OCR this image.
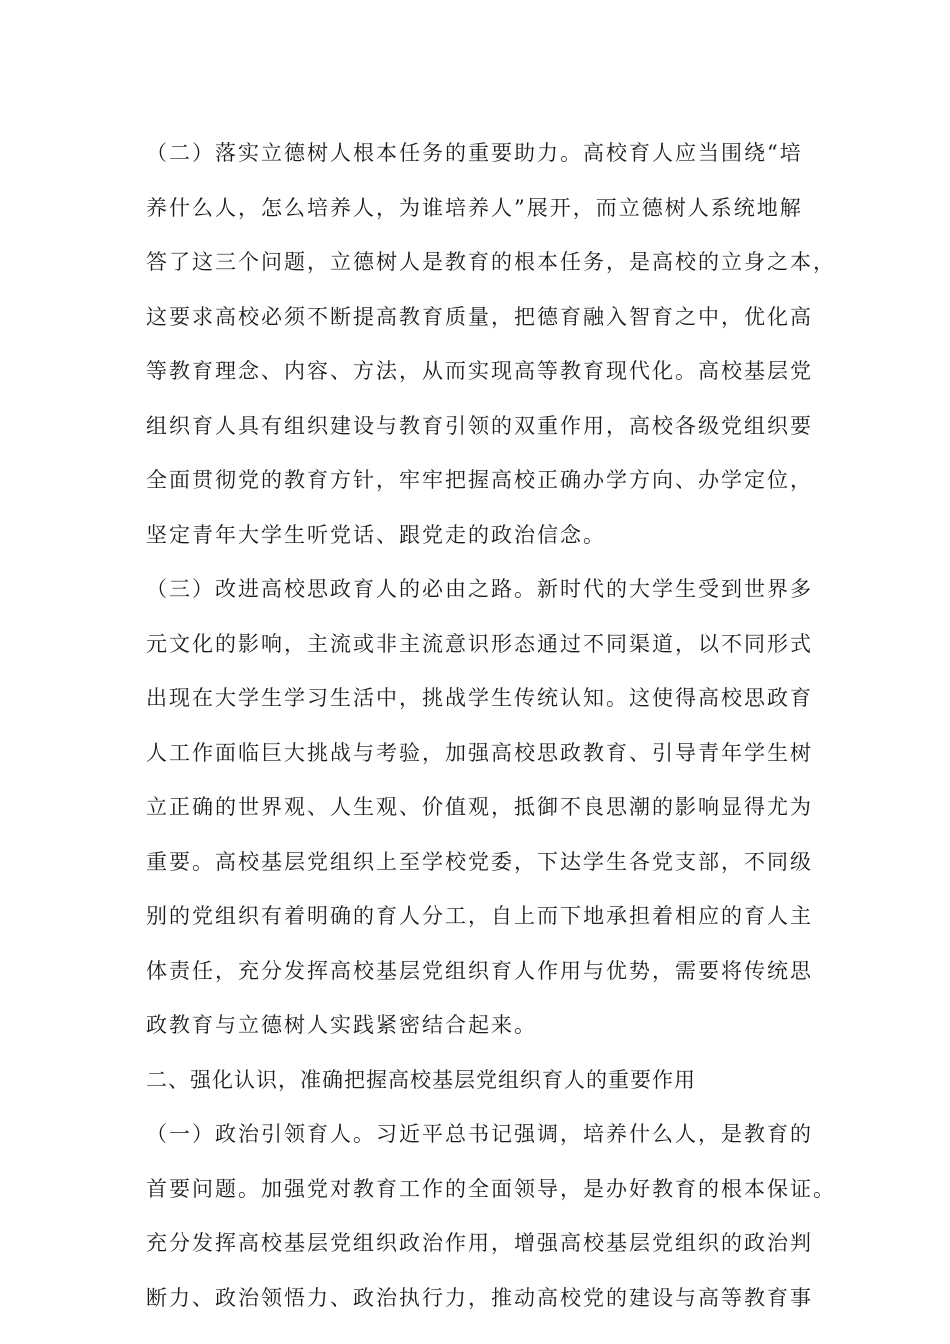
（二）落实立德树人根本任务的重要助力。高校育人应当围绕“培
养什么人，怎么培养人，为谁培养人”展开，而立德树人系统地解
答了这三个问题，立德树人是教育的根本任务，是高校的立身之本，
这要求高校必须不断提高教育质量，把德育融入智育之中，优化高
等教育理念、内容、方法，从而实现高等教育现代化。高校基层党
组织育人具有组织建设与教育引领的双重作用，高校各级党组织要
全面贯彻党的教育方针，牢牢把握高校正确办学方向、办学定位，
坚定青年大学生听党话、跟党走的政治信念。
（三）改进高校思政育人的必由之路。新时代的大学生受到世界多
元文化的影响，主流或非主流意识形态通过不同渠道，以不同形式
出现在大学生学习生活中，挑战学生传统认知。这使得高校思政育
人工作面临巨大挑战与考验，加强高校思政教育、引导青年学生树
立正确的世界观、人生观、价值观，抵御不良思潮的影响显得尤为
重要。高校基层党组织上至学校党委，下达学生各党支部，不同级
别的党组织有着明确的育人分工，自上而下地承担着相应的育人主
体责任，充分发挥高校基层党组织育人作用与优势，需要将传统思
政教育与立德树人实践紧密结合起来。
二、强化认识，准确把握高校基层党组织育人的重要作用
（一）政治引领育人。习近平总书记强调，培养什么人，是教育的
首要问题。加强党对教育工作的全面领导，是办好教育的根本保证。
充分发挥高校基层党组织政治作用，增强高校基层党组织的政治判
断力、政治领悟力、政治执行力，推动高校党的建设与高等教育事
